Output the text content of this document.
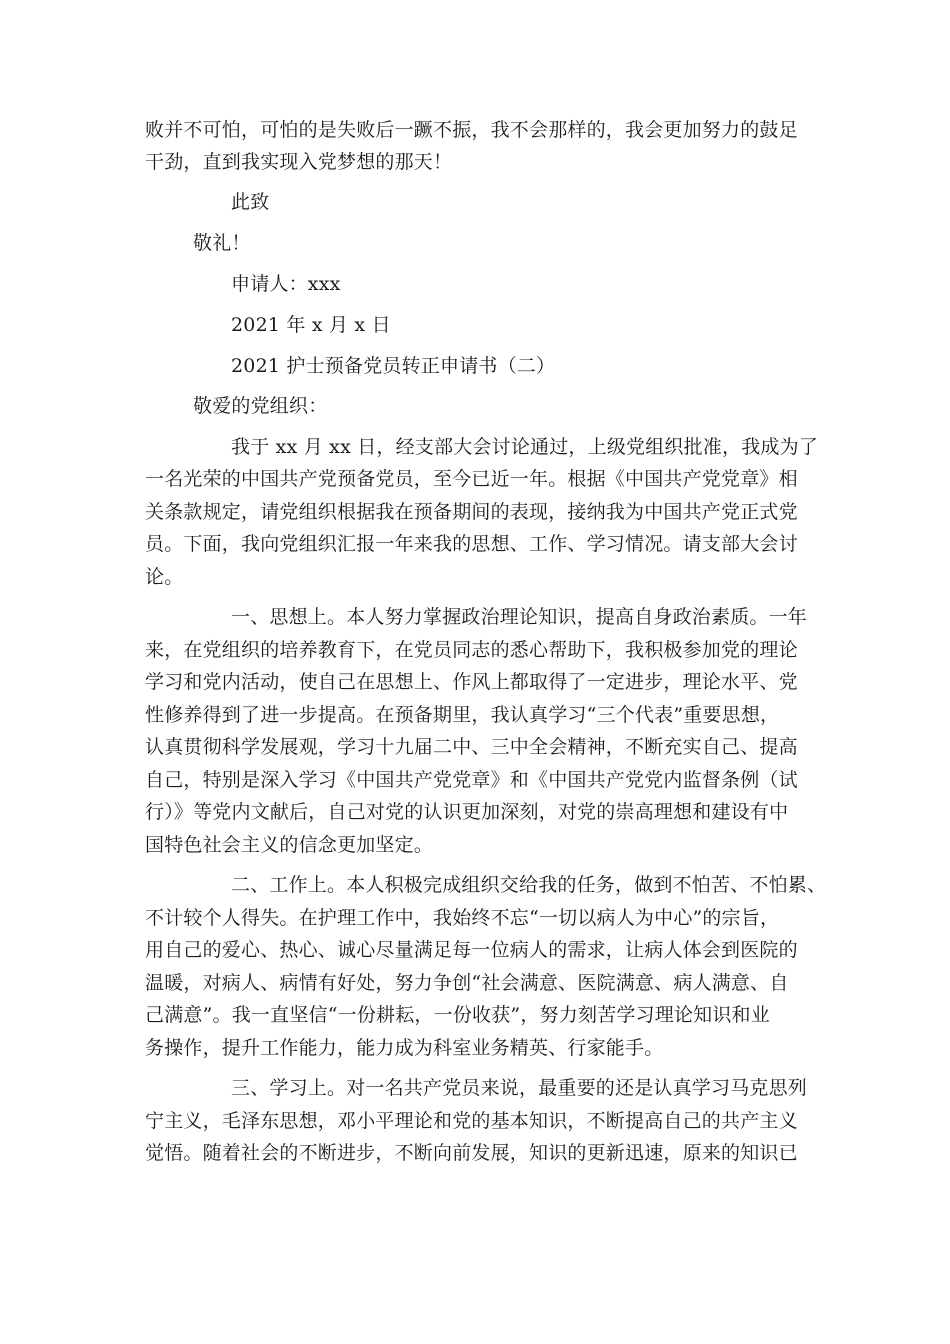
败并不可怕，可怕的是失败后一蹶不振，我不会那样的，我会更加努力的鼓足
干劲，直到我实现入党梦想的那天！
此致
敬礼！
申请人：xxx
2021 年 x 月 x 日
2021 护士预备党员转正申请书（二）
敬爱的党组织：
我于 xx 月 xx 日，经支部大会讨论通过，上级党组织批准，我成为了
一名光荣的中国共产党预备党员，至今已近一年。根据《中国共产党党章》相
关条款规定，请党组织根据我在预备期间的表现，接纳我为中国共产党正式党
员。下面，我向党组织汇报一年来我的思想、工作、学习情况。请支部大会讨
论。
一、思想上。本人努力掌握政治理论知识，提高自身政治素质。一年
来，在党组织的培养教育下，在党员同志的悉心帮助下，我积极参加党的理论
学习和党内活动，使自己在思想上、作风上都取得了一定进步，理论水平、党
性修养得到了进一步提高。在预备期里，我认真学习“三个代表”重要思想，
认真贯彻科学发展观，学习十九届二中、三中全会精神，不断充实自己、提高
自己，特别是深入学习《中国共产党党章》和《中国共产党党内监督条例（试
行）》等党内文献后，自己对党的认识更加深刻，对党的崇高理想和建设有中
国特色社会主义的信念更加坚定。
二、工作上。本人积极完成组织交给我的任务，做到不怕苦、不怕累、
不计较个人得失。在护理工作中，我始终不忘“一切以病人为中心”的宗旨，
用自己的爱心、热心、诚心尽量满足每一位病人的需求，让病人体会到医院的
温暖，对病人、病情有好处，努力争创“社会满意、医院满意、病人满意、自
己满意”。我一直坚信“一份耕耘，一份收获”，努力刻苦学习理论知识和业
务操作，提升工作能力，能力成为科室业务精英、行家能手。
三、学习上。对一名共产党员来说，最重要的还是认真学习马克思列
宁主义，毛泽东思想，邓小平理论和党的基本知识，不断提高自己的共产主义
觉悟。随着社会的不断进步，不断向前发展，知识的更新迅速，原来的知识已
